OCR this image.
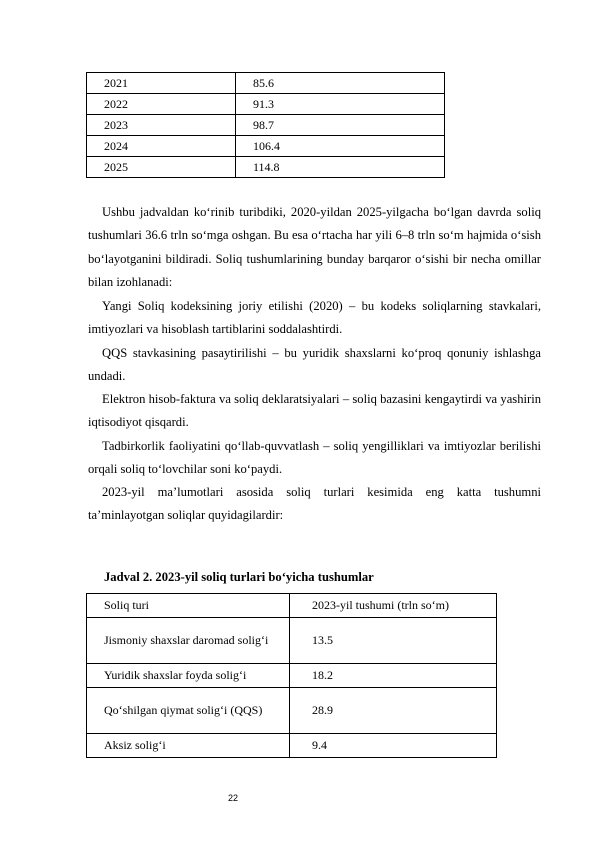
2021	85.6
2022	91.3
2023	98.7
2024	106.4
2025	114.8
Ushbu jadvaldan ko‘rinib turibdiki, 2020-yildan 2025-yilgacha bo‘lgan davrda soliq tushumlari 36.6 trln so‘mga oshgan. Bu esa o‘rtacha har yili 6–8 trln so‘m hajmida o‘sish bo‘layotganini bildiradi. Soliq tushumlarining bunday barqaror o‘sishi bir necha omillar bilan izohlanadi:
Yangi Soliq kodeksining joriy etilishi (2020) – bu kodeks soliqlarning stavkalari, imtiyozlari va hisoblash tartiblarini soddalashtirdi.
QQS stavkasining pasaytirilishi – bu yuridik shaxslarni ko‘proq qonuniy ishlashga undadi.
Elektron hisob-faktura va soliq deklaratsiyalari – soliq bazasini kengaytirdi va yashirin iqtisodiyot qisqardi.
Tadbirkorlik faoliyatini qo‘llab-quvvatlash – soliq yengilliklari va imtiyozlar berilishi orqali soliq to‘lovchilar soni ko‘paydi.
2023-yil ma’lumotlari asosida soliq turlari kesimida eng katta tushumni ta’minlayotgan soliqlar quyidagilardir:
Jadval 2. 2023-yil soliq turlari bo‘yicha tushumlar
Soliq turi	2023-yil tushumi (trln so‘m)

Jismoniy shaxslar daromad solig‘i	13.5

Yuridik shaxslar foyda solig‘i	18.2

Qo‘shilgan qiymat solig‘i (QQS)	28.9

Aksiz solig‘i	9.4
22
